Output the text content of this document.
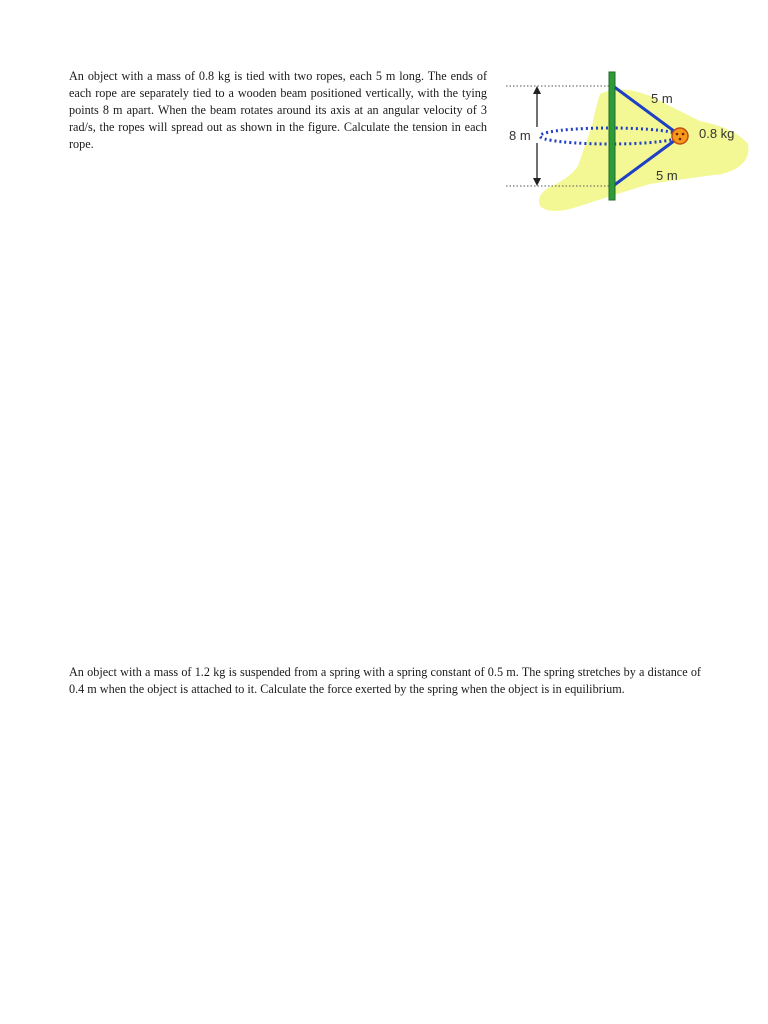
An object with a mass of 0.8 kg is tied with two ropes, each 5 m long. The ends of each rope are separately tied to a wooden beam positioned vertically, with the tying points 8 m apart. When the beam rotates around its axis at an angular velocity of 3 rad/s, the ropes will spread out as shown in the figure. Calculate the tension in each rope.

8 m
5 m
5 m
0.8 kg

An object with a mass of 1.2 kg is suspended from a spring with a spring constant of 0.5 m. The spring stretches by a distance of 0.4 m when the object is attached to it. Calculate the force exerted by the spring when the object is in equilibrium.
